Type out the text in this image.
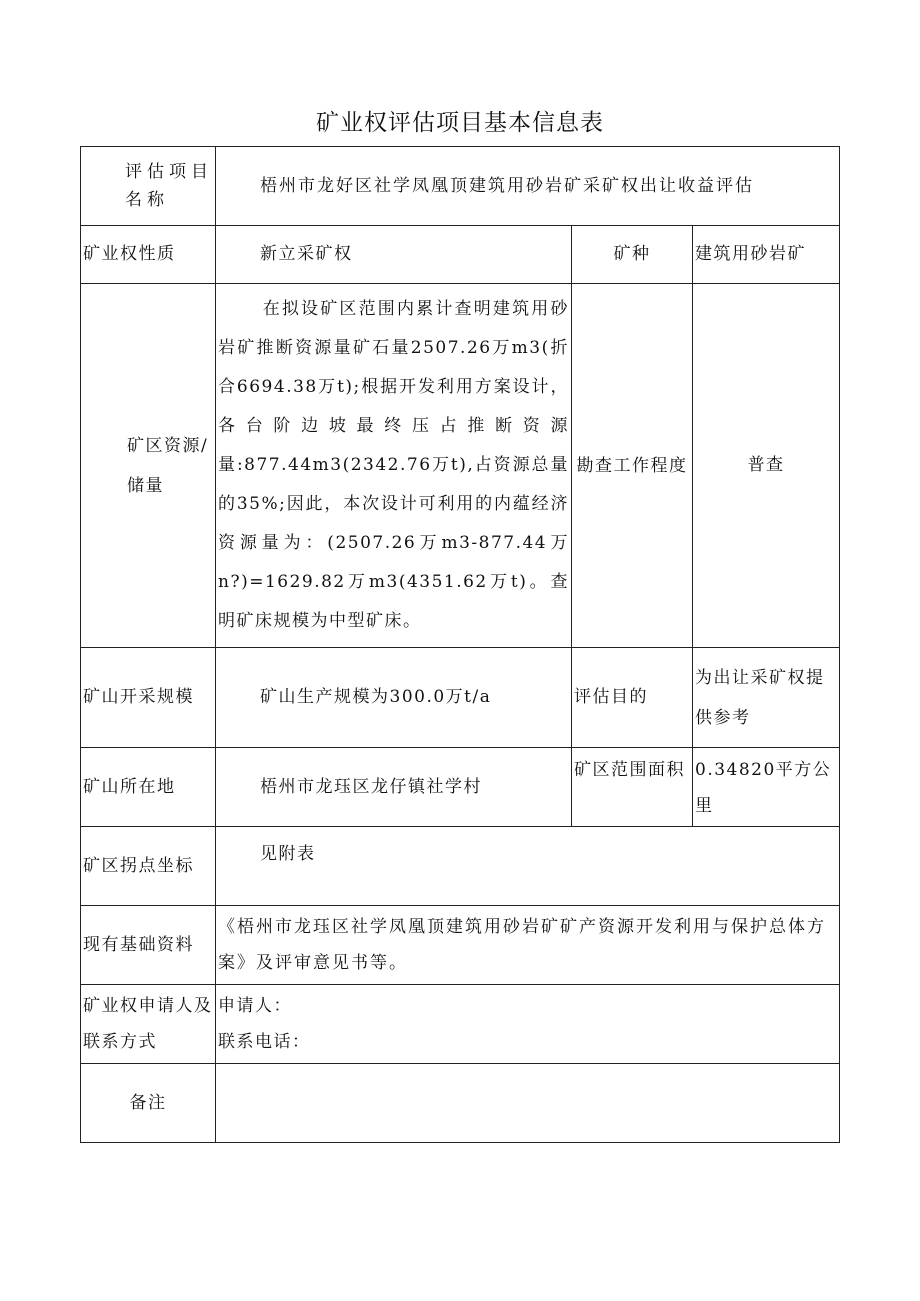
矿业权评估项目基本信息表
评估项目名称	梧州市龙好区社学凤凰顶建筑用砂岩矿采矿权出让收益评估		
矿业权性质	新立采矿权	矿种	建筑用砂岩矿

矿区资源/储量	在拟设矿区范围内累计查明建筑用砂岩矿推断资源量矿石量2507.26万m3(折合6694.38万t);根据开发利用方案设计，各台阶边坡最终压占推断资源量:877.44m3(2342.76万t),占资源总量的35%;因此，本次设计可利用的内蕴经济资源量为：(2507.26万m3-877.44万n?)=1629.82万m3(4351.62万t)。查明矿床规模为中型矿床。	勘查工作程度	普查
矿山开采规模	矿山生产规模为300.0万t/a	评估目的	为出让采矿权提供参考
矿山所在地	梧州市龙珏区龙仔镇社学村	矿区范围面积	0.34820平方公里
矿区拐点坐标	见附表		
现有基础资料	《梧州市龙珏区社学凤凰顶建筑用砂岩矿矿产资源开发利用与保护总体方案》及评审意见书等。		
矿业权申请人及联系方式	申请人：
联系电话：		

备注			
